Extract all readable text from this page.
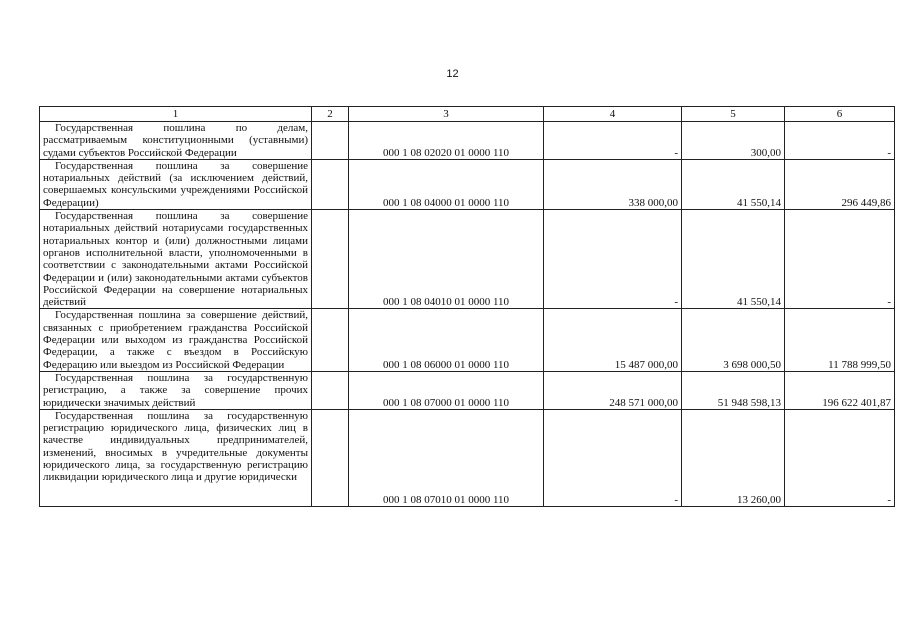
12
1	2	3	4	5	6

Государственная пошлина по делам, рассматриваемым конституционными (уставными) судами субъектов Российской Федерации		000 1 08 02020 01 0000 110	-	300,00	-

Государственная пошлина за совершение нотариальных действий (за исключением действий, совершаемых консульскими учреждениями Российской Федерации)		000 1 08 04000 01 0000 110	338 000,00	41 550,14	296 449,86

Государственная пошлина за совершение нотариальных действий нотариусами государственных нотариальных контор и (или) должностными лицами органов исполнительной власти, уполномоченными в соответствии с законодательными актами Российской Федерации и (или) законодательными актами субъектов Российской Федерации на совершение нотариальных действий		000 1 08 04010 01 0000 110	-	41 550,14	-

Государственная пошлина за совершение действий, связанных с приобретением гражданства Российской Федерации или выходом из гражданства Российской Федерации, а также с въездом в Российскую Федерацию или выездом из Российской Федерации		000 1 08 06000 01 0000 110	15 487 000,00	3 698 000,50	11 788 999,50

Государственная пошлина за государственную регистрацию, а также за совершение прочих юридически значимых действий		000 1 08 07000 01 0000 110	248 571 000,00	51 948 598,13	196 622 401,87

Государственная пошлина за государственную регистрацию юридического лица, физических лиц в качестве индивидуальных предпринимателей, изменений, вносимых в учредительные документы юридического лица, за государственную регистрацию ликвидации юридического лица и другие юридически		000 1 08 07010 01 0000 110	-	13 260,00	-
